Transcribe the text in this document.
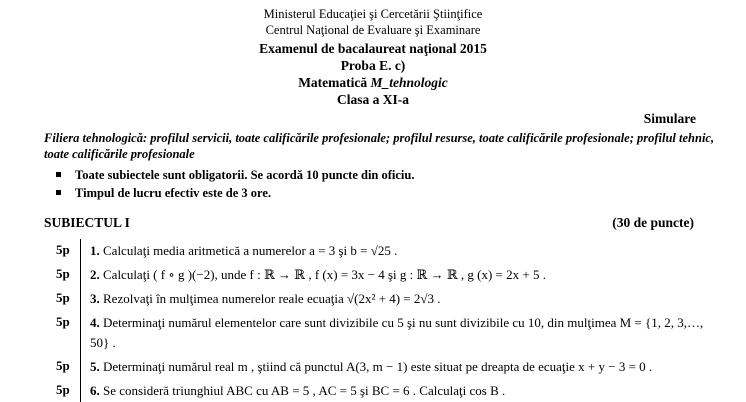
Ministerul Educaţiei şi Cercetării Ştiinţifice
Centrul Naţional de Evaluare şi Examinare
Examenul de bacalaureat naţional 2015
Proba E. c)
Matematică M_tehnologic
Clasa a XI-a
Simulare
Filiera tehnologică: profilul servicii, toate calificările profesionale; profilul resurse, toate calificările profesionale; profilul tehnic, toate calificările profesionale
Toate subiectele sunt obligatorii. Se acordă 10 puncte din oficiu.
Timpul de lucru efectiv este de 3 ore.
SUBIECTUL I	(30 de puncte)
5p	1. Calculaţi media aritmetică a numerelor a = 3 şi b = √25 .
5p	2. Calculaţi ( f ∘ g )(−2), unde f : ℝ → ℝ , f (x) = 3x − 4 şi g : ℝ → ℝ , g (x) = 2x + 5 .
5p	3. Rezolvaţi în mulţimea numerelor reale ecuaţia √(2x² + 4) = 2√3 .
5p	4. Determinaţi numărul elementelor care sunt divizibile cu 5 şi nu sunt divizibile cu 10, din mulţimea M = {1, 2, 3,…, 50} .
5p	5. Determinaţi numărul real m , ştiind că punctul A(3, m − 1) este situat pe dreapta de ecuaţie x + y − 3 = 0 .
5p	6. Se consideră triunghiul ABC cu AB = 5 , AC = 5 şi BC = 6 . Calculaţi cos B .
